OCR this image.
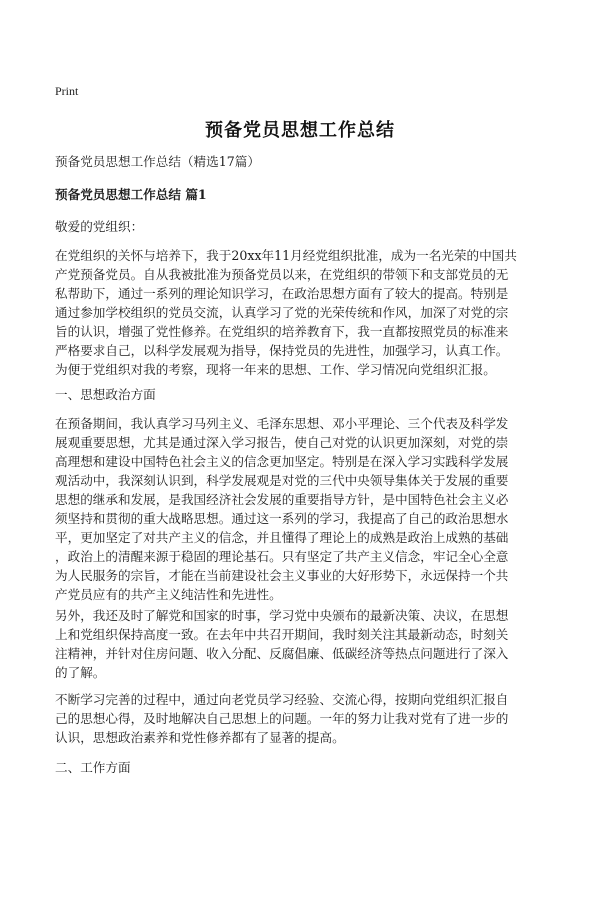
Print
预备党员思想工作总结
预备党员思想工作总结（精选17篇）
预备党员思想工作总结 篇1
敬爱的党组织：
在党组织的关怀与培养下，我于20xx年11月经党组织批准，成为一名光荣的中国共
产党预备党员。自从我被批准为预备党员以来，在党组织的带领下和支部党员的无
私帮助下，通过一系列的理论知识学习，在政治思想方面有了较大的提高。特别是
通过参加学校组织的党员交流，认真学习了党的光荣传统和作风，加深了对党的宗
旨的认识，增强了党性修养。在党组织的培养教育下，我一直都按照党员的标准来
严格要求自己，以科学发展观为指导，保持党员的先进性，加强学习，认真工作。
为便于党组织对我的考察，现将一年来的思想、工作、学习情况向党组织汇报。
一、思想政治方面
在预备期间，我认真学习马列主义、毛泽东思想、邓小平理论、三个代表及科学发
展观重要思想，尤其是通过深入学习报告，使自己对党的认识更加深刻，对党的崇
高理想和建设中国特色社会主义的信念更加坚定。特别是在深入学习实践科学发展
观活动中，我深刻认识到，科学发展观是对党的三代中央领导集体关于发展的重要
思想的继承和发展，是我国经济社会发展的重要指导方针，是中国特色社会主义必
须坚持和贯彻的重大战略思想。通过这一系列的学习，我提高了自己的政治思想水
平，更加坚定了对共产主义的信念，并且懂得了理论上的成熟是政治上成熟的基础
，政治上的清醒来源于稳固的理论基石。只有坚定了共产主义信念，牢记全心全意
为人民服务的宗旨，才能在当前建设社会主义事业的大好形势下，永远保持一个共
产党员应有的共产主义纯洁性和先进性。
另外，我还及时了解党和国家的时事，学习党中央颁布的最新决策、决议，在思想
上和党组织保持高度一致。在去年中共召开期间，我时刻关注其最新动态，时刻关
注精神，并针对住房问题、收入分配、反腐倡廉、低碳经济等热点问题进行了深入
的了解。
不断学习完善的过程中，通过向老党员学习经验、交流心得，按期向党组织汇报自
己的思想心得，及时地解决自己思想上的问题。一年的努力让我对党有了进一步的
认识，思想政治素养和党性修养都有了显著的提高。
二、工作方面
